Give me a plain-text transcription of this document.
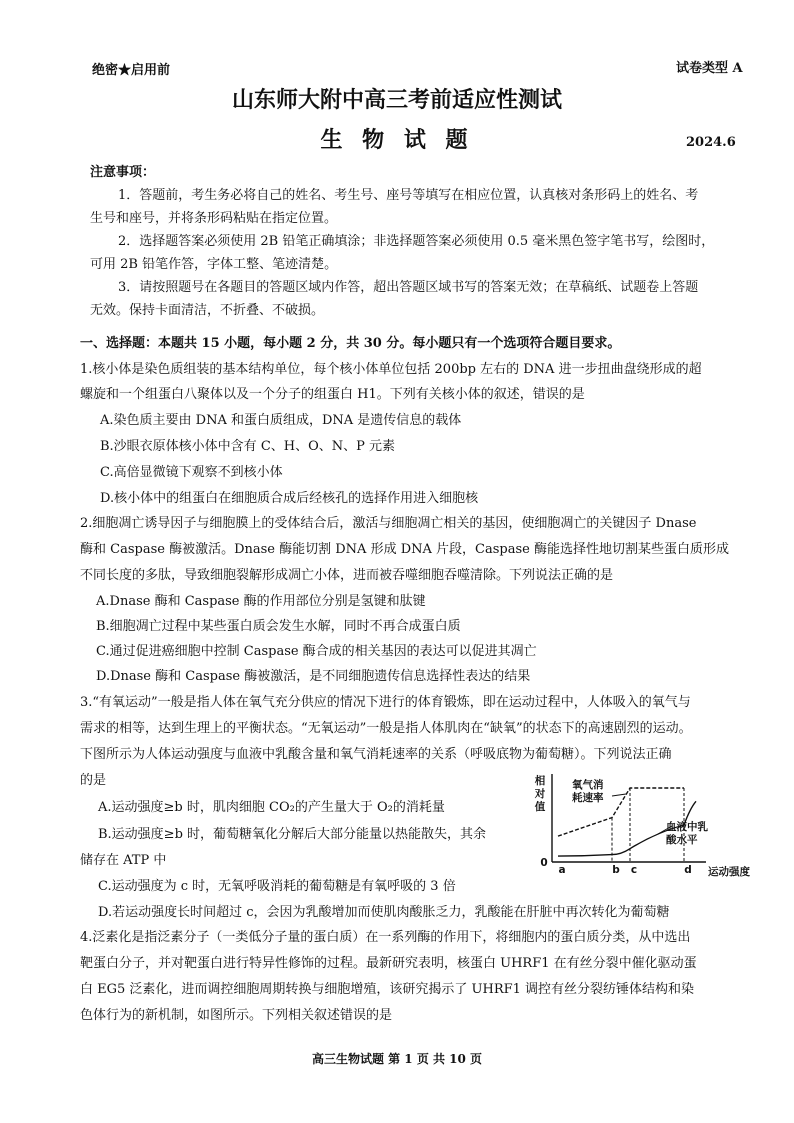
绝密★启用前	试卷类型 A
山东师大附中高三考前适应性测试
生 物 试 题	2024.6
注意事项：
1．答题前，考生务必将自己的姓名、考生号、座号等填写在相应位置，认真核对条形码上的姓名、考
生号和座号，并将条形码粘贴在指定位置。
2．选择题答案必须使用 2B 铅笔正确填涂；非选择题答案必须使用 0.5 毫米黑色签字笔书写，绘图时，
可用 2B 铅笔作答，字体工整、笔迹清楚。
3．请按照题号在各题目的答题区域内作答，超出答题区域书写的答案无效；在草稿纸、试题卷上答题
无效。保持卡面清洁，不折叠、不破损。
一、选择题：本题共 15 小题，每小题 2 分，共 30 分。每小题只有一个选项符合题目要求。
1.核小体是染色质组装的基本结构单位，每个核小体单位包括 200bp 左右的 DNA 进一步扭曲盘绕形成的超
螺旋和一个组蛋白八聚体以及一个分子的组蛋白 H1。下列有关核小体的叙述，错误的是
A.染色质主要由 DNA 和蛋白质组成，DNA 是遗传信息的载体
B.沙眼衣原体核小体中含有 C、H、O、N、P 元素
C.高倍显微镜下观察不到核小体
D.核小体中的组蛋白在细胞质合成后经核孔的选择作用进入细胞核
2.细胞凋亡诱导因子与细胞膜上的受体结合后，激活与细胞凋亡相关的基因，使细胞凋亡的关键因子 Dnase
酶和 Caspase 酶被激活。Dnase 酶能切割 DNA 形成 DNA 片段，Caspase 酶能选择性地切割某些蛋白质形成
不同长度的多肽，导致细胞裂解形成凋亡小体，进而被吞噬细胞吞噬清除。下列说法正确的是
A.Dnase 酶和 Caspase 酶的作用部位分别是氢键和肽键
B.细胞凋亡过程中某些蛋白质会发生水解，同时不再合成蛋白质
C.通过促进癌细胞中控制 Caspase 酶合成的相关基因的表达可以促进其凋亡
D.Dnase 酶和 Caspase 酶被激活，是不同细胞遗传信息选择性表达的结果
3.“有氧运动”一般是指人体在氧气充分供应的情况下进行的体育锻炼，即在运动过程中，人体吸入的氧气与
需求的相等，达到生理上的平衡状态。“无氧运动”一般是指人体肌肉在“缺氧”的状态下的高速剧烈的运动。
下图所示为人体运动强度与血液中乳酸含量和氧气消耗速率的关系（呼吸底物为葡萄糖）。下列说法正确
的是
A.运动强度≥b 时，肌肉细胞 CO₂的产生量大于 O₂的消耗量
B.运动强度≥b 时，葡萄糖氧化分解后大部分能量以热能散失，其余
储存在 ATP 中
C.运动强度为 c 时，无氧呼吸消耗的葡萄糖是有氧呼吸的 3 倍
D.若运动强度长时间超过 c，会因为乳酸增加而使肌肉酸胀乏力，乳酸能在肝脏中再次转化为葡萄糖
相
对
值
0
a	b c	d 运动强度
氧气消
耗速率
血液中乳
酸水平
4.泛素化是指泛素分子（一类低分子量的蛋白质）在一系列酶的作用下，将细胞内的蛋白质分类，从中选出
靶蛋白分子，并对靶蛋白进行特异性修饰的过程。最新研究表明，核蛋白 UHRF1 在有丝分裂中催化驱动蛋
白 EG5 泛素化，进而调控细胞周期转换与细胞增殖，该研究揭示了 UHRF1 调控有丝分裂纺锤体结构和染
色体行为的新机制，如图所示。下列相关叙述错误的是
高三生物试题 第 1 页 共 10 页
